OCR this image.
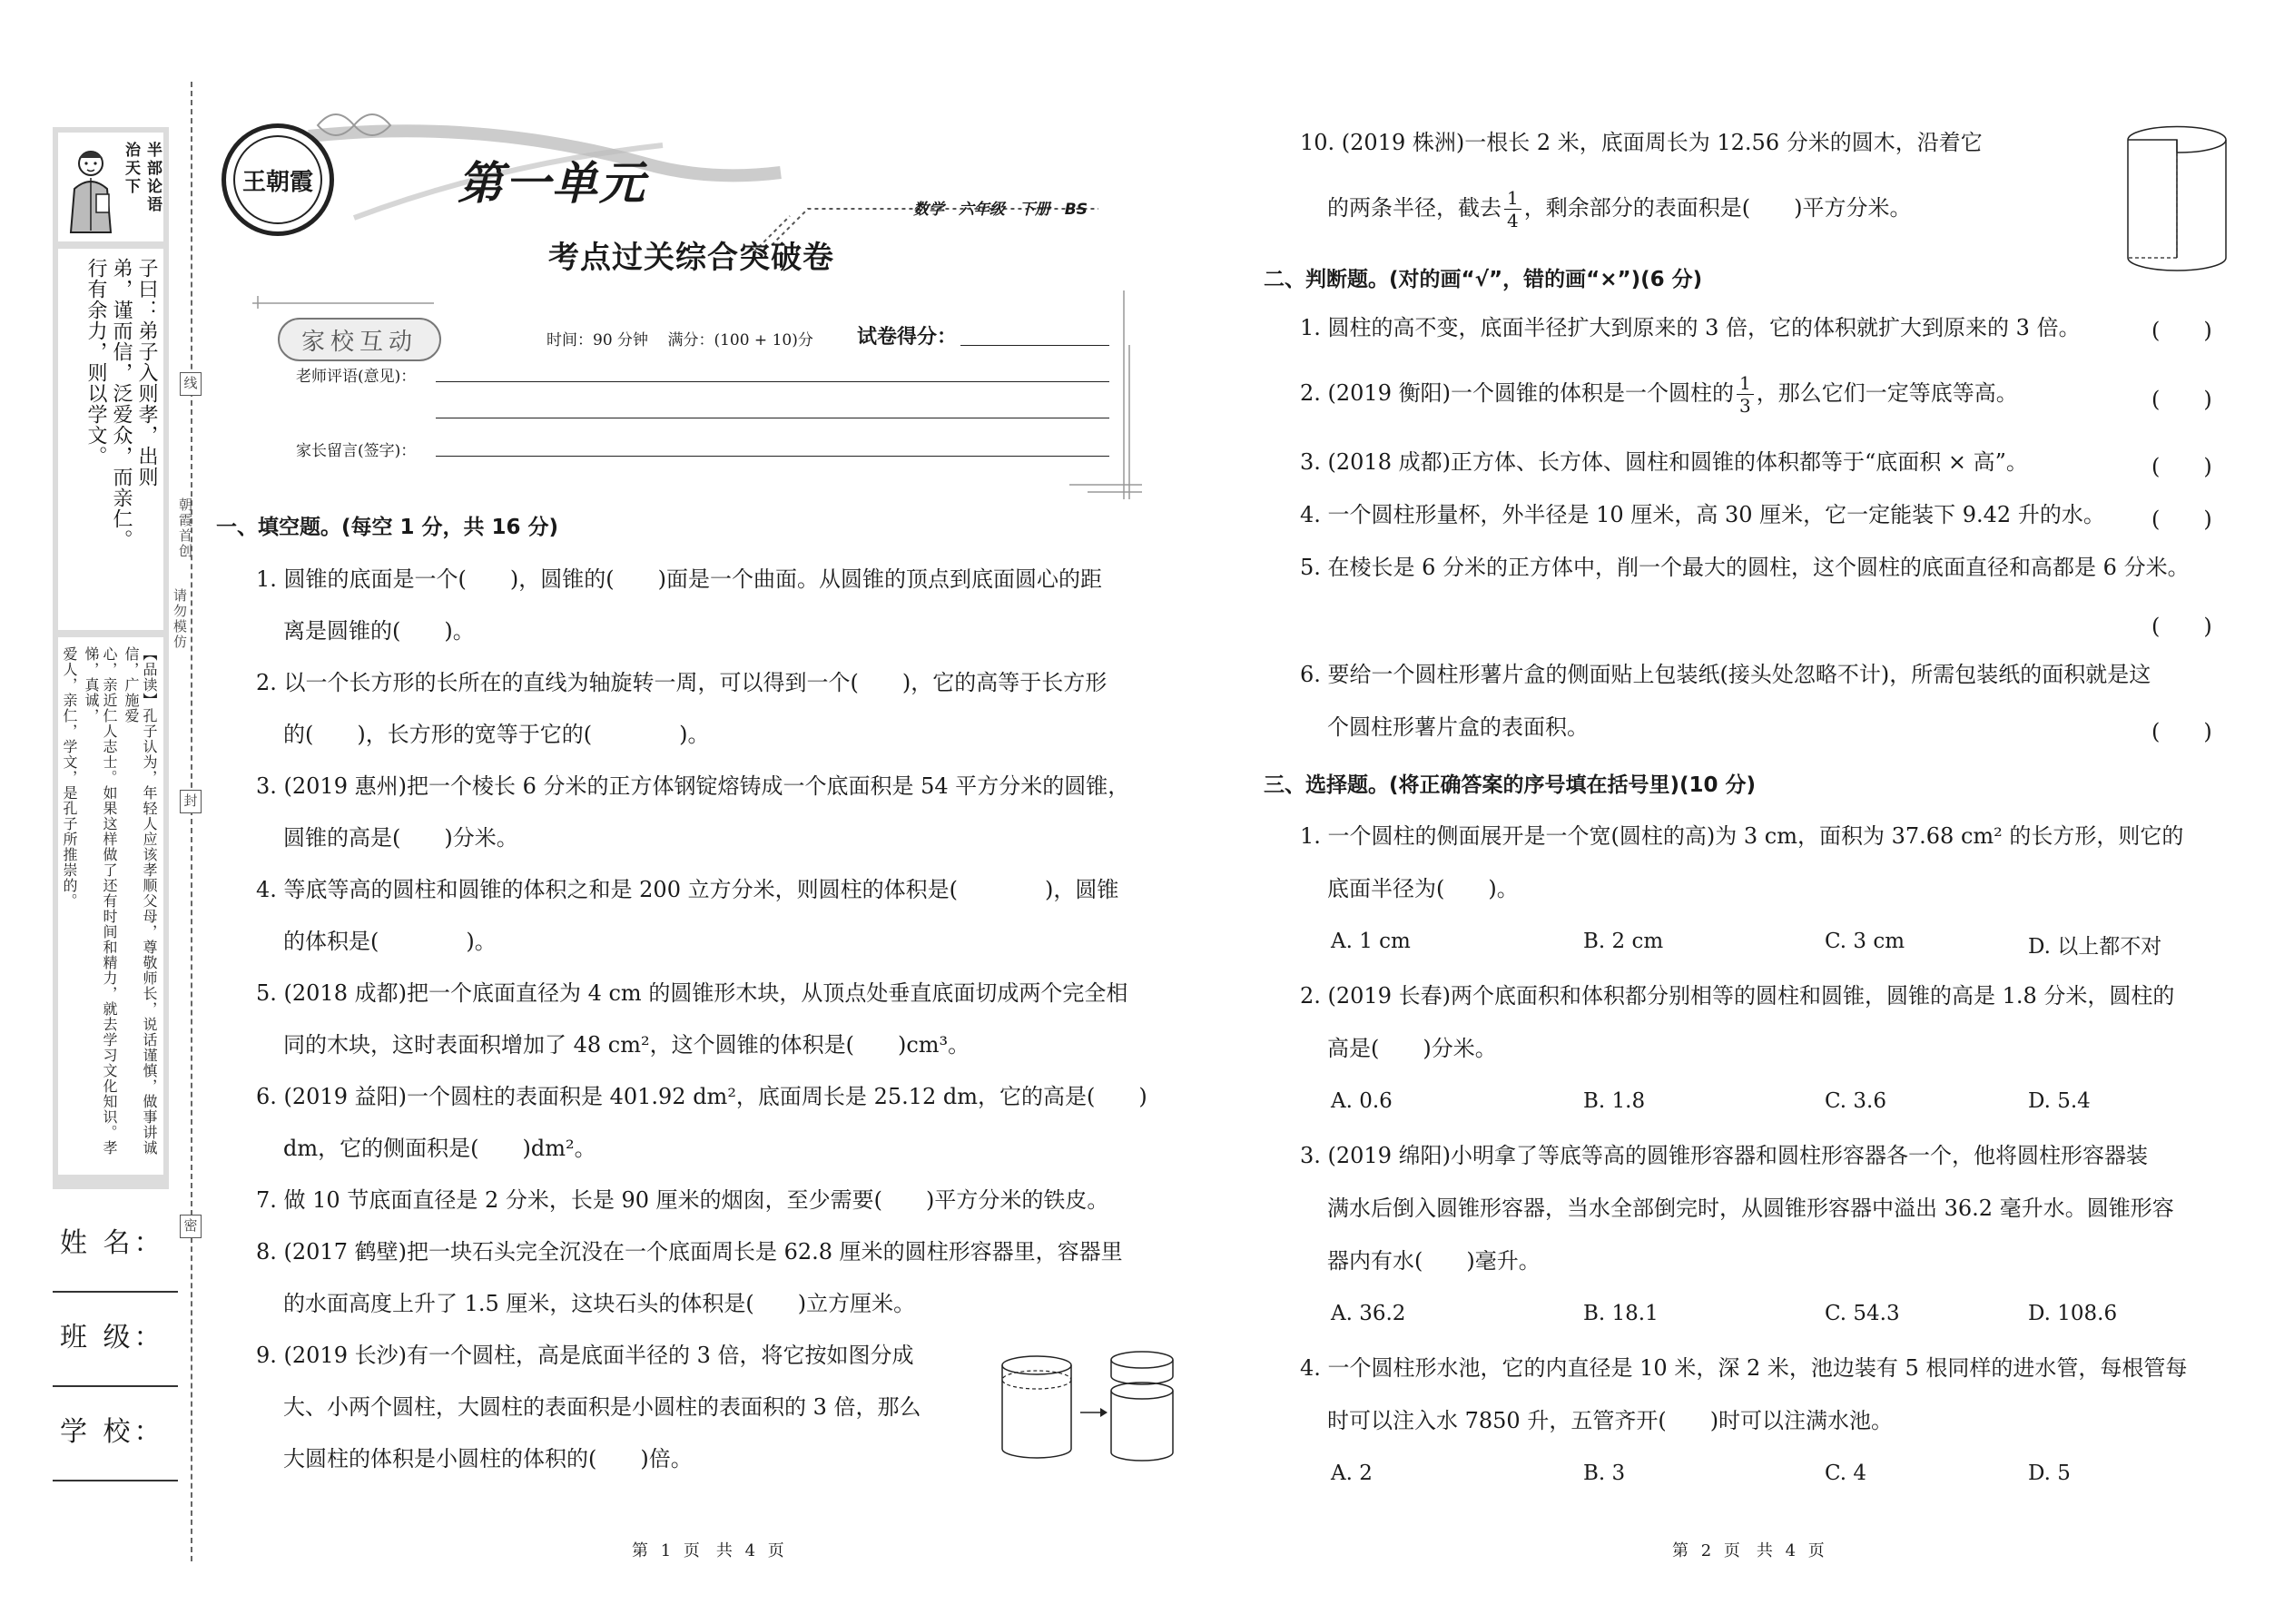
半部论语
治天下
子曰：弟子入则孝，出则
弟，谨而信，泛爱众，而亲仁。
行有余力，则以学文。
【品读】孔子认为，年轻人应该孝顺父母，尊敬师长，说话谨慎，做事讲诚信，广施爱
心，亲近仁人志士。如果这样做了还有时间和精力，就去学习文化知识。孝悌，真诚，
爱人，亲仁，学文，是孔子所推崇的。
姓 名：
班 级：
学 校：
线
朝霞首创
请勿模仿
封
密
王朝霞	第一单元
考点过关综合突破卷
数学 六年级 下册 BS
家校互动	时间：90 分钟 满分：(100 + 10)分	试卷得分：
老师评语(意见)：
家长留言(签字)：
一、填空题。(每空 1 分，共 16 分)
1. 圆锥的底面是一个(　　)，圆锥的(　　)面是一个曲面。从圆锥的顶点到底面圆心的距
离是圆锥的(　　)。
2. 以一个长方形的长所在的直线为轴旋转一周，可以得到一个(　　)，它的高等于长方形
的(　　)，长方形的宽等于它的(　　　　)。
3. (2019 惠州)把一个棱长 6 分米的正方体钢锭熔铸成一个底面积是 54 平方分米的圆锥，
圆锥的高是(　　)分米。
4. 等底等高的圆柱和圆锥的体积之和是 200 立方分米，则圆柱的体积是(　　　　)，圆锥
的体积是(　　　　)。
5. (2018 成都)把一个底面直径为 4 cm 的圆锥形木块，从顶点处垂直底面切成两个完全相
同的木块，这时表面积增加了 48 cm²，这个圆锥的体积是(　　)cm³。
6. (2019 益阳)一个圆柱的表面积是 401.92 dm²，底面周长是 25.12 dm，它的高是(　　)
dm，它的侧面积是(　　)dm²。
7. 做 10 节底面直径是 2 分米，长是 90 厘米的烟囱，至少需要(　　)平方分米的铁皮。
8. (2017 鹤壁)把一块石头完全沉没在一个底面周长是 62.8 厘米的圆柱形容器里，容器里
的水面高度上升了 1.5 厘米，这块石头的体积是(　　)立方厘米。
9. (2019 长沙)有一个圆柱，高是底面半径的 3 倍，将它按如图分成
大、小两个圆柱，大圆柱的表面积是小圆柱的表面积的 3 倍，那么
大圆柱的体积是小圆柱的体积的(　　)倍。
10. (2019 株洲)一根长 2 米，底面周长为 12.56 分米的圆木，沿着它
的两条半径，截去 $\frac{1}{4}$ ，剩余部分的表面积是(　　)平方分米。
二、判断题。(对的画“√”，错的画“×”)(6 分)
1. 圆柱的高不变，底面半径扩大到原来的 3 倍，它的体积就扩大到原来的 3 倍。	(　　)
2. (2019 衡阳)一个圆锥的体积是一个圆柱的 $\frac{1}{3}$ ，那么它们一定等底等高。	(　　)
3. (2018 成都)正方体、长方体、圆柱和圆锥的体积都等于“底面积 × 高”。	(　　)
4. 一个圆柱形量杯，外半径是 10 厘米，高 30 厘米，它一定能装下 9.42 升的水。 (　　)
5. 在棱长是 6 分米的正方体中，削一个最大的圆柱，这个圆柱的底面直径和高都是 6 分米。
(　　)
6. 要给一个圆柱形薯片盒的侧面贴上包装纸(接头处忽略不计)，所需包装纸的面积就是这
个圆柱形薯片盒的表面积。	(　　)
三、选择题。(将正确答案的序号填在括号里)(10 分)
1. 一个圆柱的侧面展开是一个宽(圆柱的高)为 3 cm，面积为 37.68 cm² 的长方形，则它的
底面半径为(　　)。
A. 1 cm	B. 2 cm	C. 3 cm	D. 以上都不对
2. (2019 长春)两个底面积和体积都分别相等的圆柱和圆锥，圆锥的高是 1.8 分米，圆柱的
高是(　　)分米。
A. 0.6	B. 1.8	C. 3.6	D. 5.4
3. (2019 绵阳)小明拿了等底等高的圆锥形容器和圆柱形容器各一个，他将圆柱形容器装
满水后倒入圆锥形容器，当水全部倒完时，从圆锥形容器中溢出 36.2 毫升水。圆锥形容
器内有水(　　)毫升。
A. 36.2	B. 18.1	C. 54.3	D. 108.6
4. 一个圆柱形水池，它的内直径是 10 米，深 2 米，池边装有 5 根同样的进水管，每根管每
时可以注入水 7850 升，五管齐开(　　)时可以注满水池。
A. 2	B. 3	C. 4	D. 5
第 1 页　共 4 页	第 2 页　共 4 页
